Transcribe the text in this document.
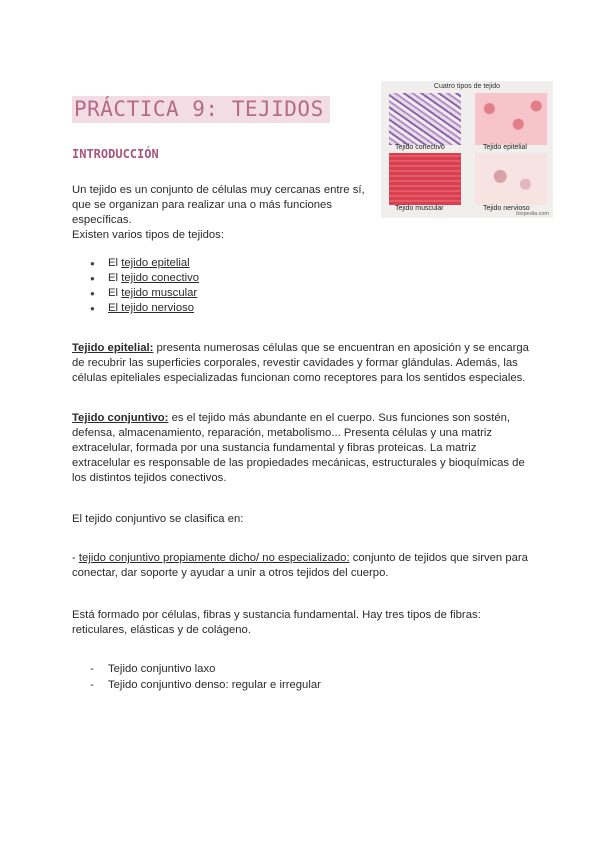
PRÁCTICA 9: TEJIDOS
Cuatro tipos de tejido
Tejido conectivo	Tejido epitelial
Tejido muscular	Tejido nervioso
biopedia.com
INTRODUCCIÓN
Un tejido es un conjunto de células muy cercanas entre sí, que se organizan para realizar una o más funciones específicas.
Existen varios tipos de tejidos:
● El tejido epitelial
● El tejido conectivo
● El tejido muscular
● El tejido nervioso

Tejido epitelial: presenta numerosas células que se encuentran en aposición y se encarga de recubrir las superficies corporales, revestir cavidades y formar glándulas. Además, las células epiteliales especializadas funcionan como receptores para los sentidos especiales.

Tejido conjuntivo: es el tejido más abundante en el cuerpo. Sus funciones son sostén, defensa, almacenamiento, reparación, metabolismo... Presenta células y una matriz extracelular, formada por una sustancia fundamental y fibras proteicas. La matriz extracelular es responsable de las propiedades mecánicas, estructurales y bioquímicas de los distintos tejidos conectivos.

El tejido conjuntivo se clasifica en:

- tejido conjuntivo propiamente dicho/ no especializado: conjunto de tejidos que sirven para conectar, dar soporte y ayudar a unir a otros tejidos del cuerpo.

Está formado por células, fibras y sustancia fundamental. Hay tres tipos de fibras: reticulares, elásticas y de colágeno.

- Tejido conjuntivo laxo
- Tejido conjuntivo denso: regular e irregular
